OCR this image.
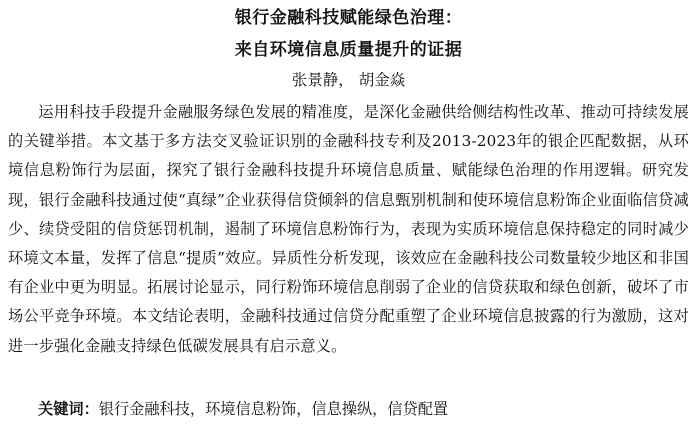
银行金融科技赋能绿色治理：
来自环境信息质量提升的证据
张景静， 胡金焱

运用科技手段提升金融服务绿色发展的精准度，是深化金融供给侧结构性改革、推动可持续发展的关键举措。本文基于多方法交叉验证识别的金融科技专利及2013-2023年的银企匹配数据，从环境信息粉饰行为层面，探究了银行金融科技提升环境信息质量、赋能绿色治理的作用逻辑。研究发现，银行金融科技通过使“真绿”企业获得信贷倾斜的信息甄别机制和使环境信息粉饰企业面临信贷减少、续贷受阻的信贷惩罚机制，遏制了环境信息粉饰行为，表现为实质环境信息保持稳定的同时减少环境文本量，发挥了信息“提质”效应。异质性分析发现，该效应在金融科技公司数量较少地区和非国有企业中更为明显。拓展讨论显示，同行粉饰环境信息削弱了企业的信贷获取和绿色创新，破坏了市场公平竞争环境。本文结论表明，金融科技通过信贷分配重塑了企业环境信息披露的行为激励，这对进一步强化金融支持绿色低碳发展具有启示意义。

关键词：银行金融科技，环境信息粉饰，信息操纵，信贷配置
